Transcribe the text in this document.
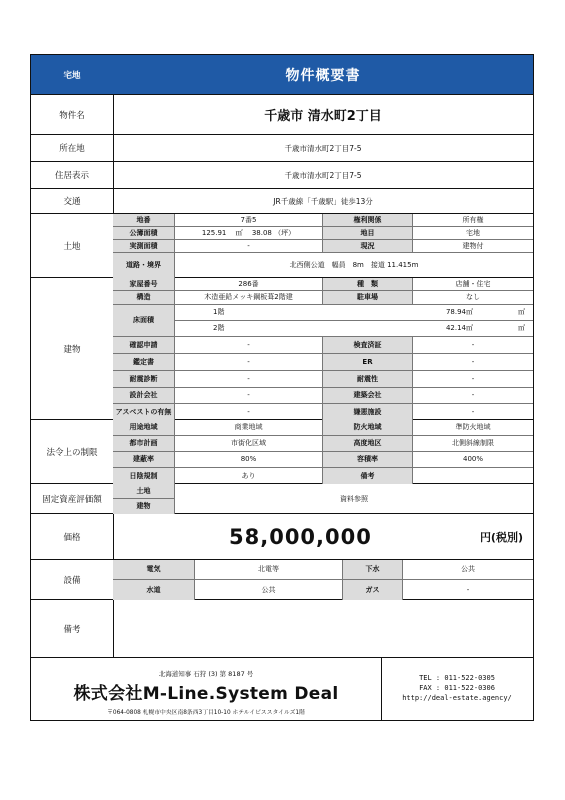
宅地	物件概要書
物件名	千歳市 清水町2丁目
所在地	千歳市清水町2丁目7-5
住居表示	千歳市清水町2丁目7-5
交通	JR千歳線「千歳駅」徒歩13分
土地
地番	7番5	権利関係	所有権
公簿面積	125.91　 ㎡　 38.08 （坪）	地目	宅地
実測面積	-	現況	建物付
道路・境界	北西側公道　幅員　8m　接道 11.415m
建物
家屋番号	286番	種　類	店舗・住宅
構造	木造亜鉛メッキ鋼板葺2階建	駐車場	なし
床面積
1階	78.94㎡	㎡
2階	42.14㎡	㎡
確認申請	-	検査済証	-
鑑定書	-	ER	-
耐震診断	-	耐震性	-
設計会社	-	建築会社	-
アスベストの有無	-	嫌悪施設	-
法令上の制限
用途地域	商業地域	防火地域	準防火地域
都市計画	市街化区域	高度地区	北側斜線制限
建蔽率	80%	容積率	400%
日陰規制	あり	備考
固定資産評価額
土地
建物
資料参照
価格	58,000,000	円(税別)
設備
電気	北電等	下水	公共
水道	公共	ガス	-
備考
北海道知事 石狩 (3) 第 8187 号
株式会社M-Line.System Deal
〒064-0808 札幌市中央区南8条西3丁目10-10 ホテルイビススタイルズ1階
TEL : 011-522-0305
FAX : 011-522-0306
http://deal-estate.agency/
